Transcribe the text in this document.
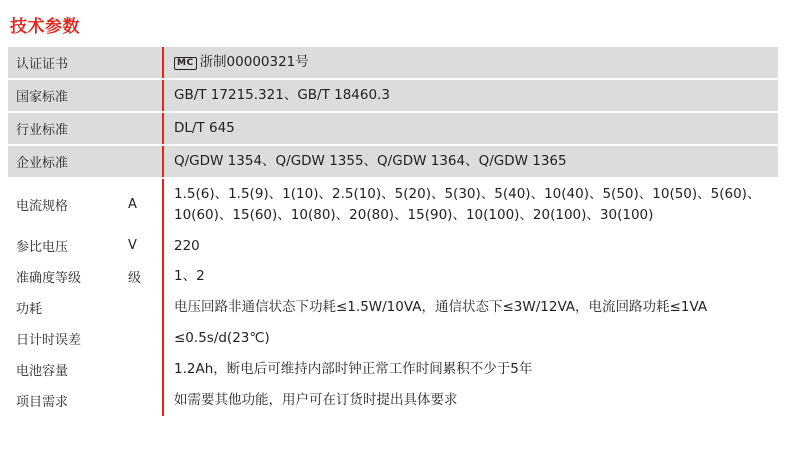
技术参数
认证证书		MC 浙制00000321号
国家标准		GB/T 17215.321、GB/T 18460.3
行业标准		DL/T 645
企业标准		Q/GDW 1354、Q/GDW 1355、Q/GDW 1364、Q/GDW 1365
电流规格	A	1.5(6)、1.5(9)、1(10)、2.5(10)、5(20)、5(30)、5(40)、10(40)、5(50)、10(50)、5(60)、10(60)、15(60)、10(80)、20(80)、15(90)、10(100)、20(100)、30(100)
参比电压	V	220
准确度等级	级	1、2
功耗		电压回路非通信状态下功耗≤1.5W/10VA，通信状态下≤3W/12VA，电流回路功耗≤1VA
日计时误差		≤0.5s/d(23℃)
电池容量		1.2Ah，断电后可维持内部时钟正常工作时间累积不少于5年
项目需求		如需要其他功能，用户可在订货时提出具体要求
